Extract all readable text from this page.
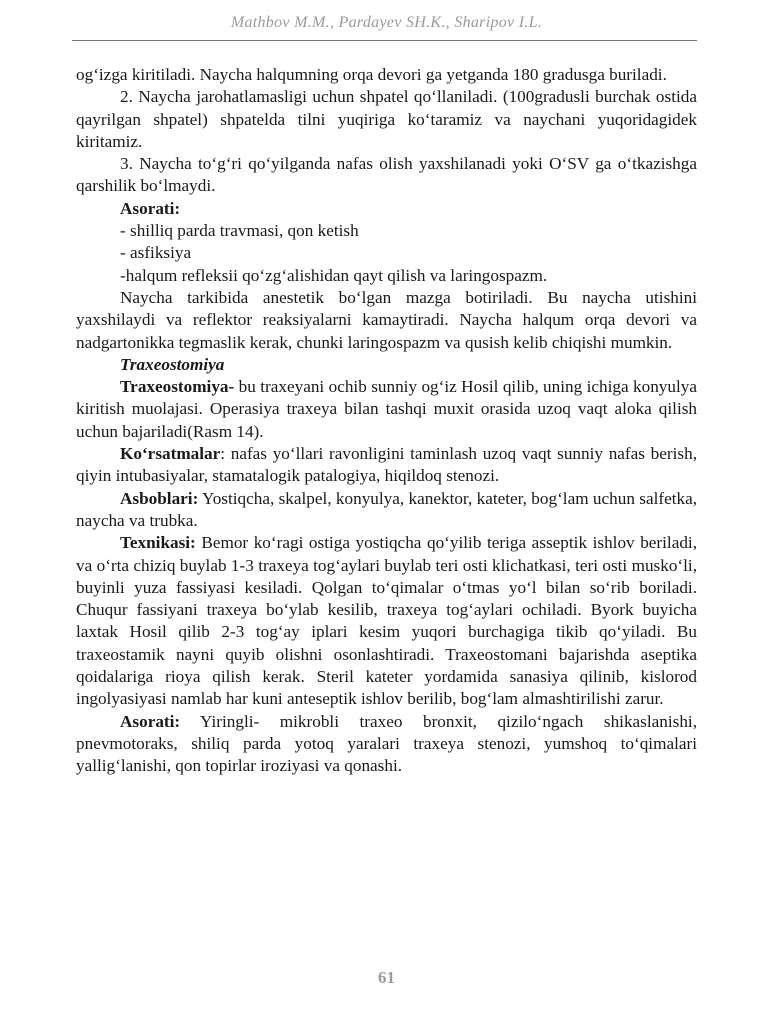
Mathbov M.M., Pardayev SH.K., Sharipov I.L.

og‘izga kiritiladi. Naycha halqumning orqa devori ga yetganda 180 gradusga buriladi.

2. Naycha jarohatlamasligi uchun shpatel qo‘llaniladi. (100gradusli burchak ostida qayrilgan shpatel) shpatelda tilni yuqiriga ko‘taramiz va naychani yuqoridagidek kiritamiz.

3. Naycha to‘g‘ri qo‘yilganda nafas olish yaxshilanadi yoki O‘SV ga o‘tkazishga qarshilik bo‘lmaydi.

Asorati:

- shilliq parda travmasi, qon ketish

- asfiksiya

-halqum refleksii qo‘zg‘alishidan qayt qilish va laringospazm.

Naycha tarkibida anestetik bo‘lgan mazga botiriladi. Bu naycha utishini yaxshilaydi va reflektor reaksiyalarni kamaytiradi. Naycha halqum orqa devori va nadgartonikka tegmaslik kerak, chunki laringospazm va qusish kelib chiqishi mumkin.

Traxeostomiya

Traxeostomiya- bu traxeyani ochib sunniy og‘iz Hosil qilib, uning ichiga konyulya kiritish muolajasi. Operasiya traxeya bilan tashqi muxit orasida uzoq vaqt aloka qilish uchun bajariladi(Rasm 14).

Ko‘rsatmalar: nafas yo‘llari ravonligini taminlash uzoq vaqt sunniy nafas berish, qiyin intubasiyalar, stamatalogik patalogiya, hiqildoq stenozi.

Asboblari: Yostiqcha, skalpel, konyulya, kanektor, kateter, bog‘lam uchun salfetka, naycha va trubka.

Texnikasi: Bemor ko‘ragi ostiga yostiqcha qo‘yilib teriga asseptik ishlov beriladi, va o‘rta chiziq buylab 1-3 traxeya tog‘aylari buylab teri osti klichatkasi, teri osti musko‘li, buyinli yuza fassiyasi kesiladi. Qolgan to‘qimalar o‘tmas yo‘l bilan so‘rib boriladi. Chuqur fassiyani traxeya bo‘ylab kesilib, traxeya tog‘aylari ochiladi. Byork buyicha laxtak Hosil qilib 2-3 tog‘ay iplari kesim yuqori burchagiga tikib qo‘yiladi. Bu traxeostamik nayni quyib olishni osonlashtiradi. Traxeostomani bajarishda aseptika qoidalariga rioya qilish kerak. Steril kateter yordamida sanasiya qilinib, kislorod ingolyasiyasi namlab har kuni anteseptik ishlov berilib, bog‘lam almashtirilishi zarur.

Asorati: Yiringli- mikrobli traxeo bronxit, qizilo‘ngach shikaslanishi, pnevmotoraks, shiliq parda yotoq yaralari traxeya stenozi, yumshoq to‘qimalari yallig‘lanishi, qon topirlar iroziyasi va qonashi.

61
